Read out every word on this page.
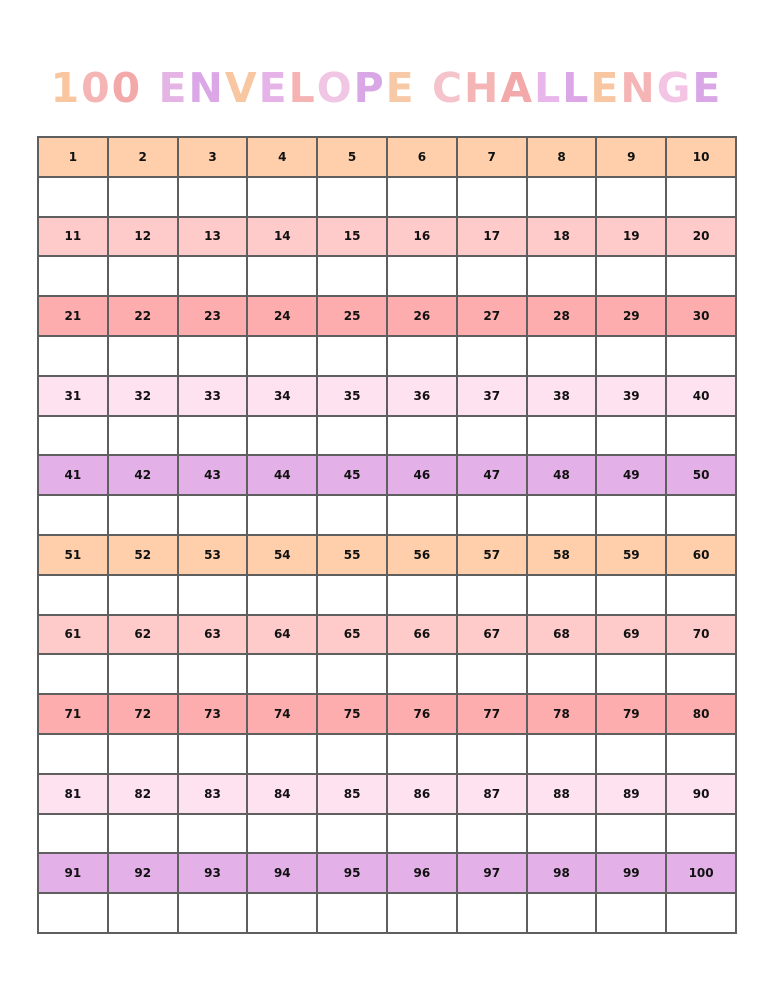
100 ENVELOPE CHALLENGE
1	2	3	4	5	6	7	8	9	10
11	12	13	14	15	16	17	18	19	20
21	22	23	24	25	26	27	28	29	30
31	32	33	34	35	36	37	38	39	40
41	42	43	44	45	46	47	48	49	50
51	52	53	54	55	56	57	58	59	60
61	62	63	64	65	66	67	68	69	70
71	72	73	74	75	76	77	78	79	80
81	82	83	84	85	86	87	88	89	90
91	92	93	94	95	96	97	98	99	100
